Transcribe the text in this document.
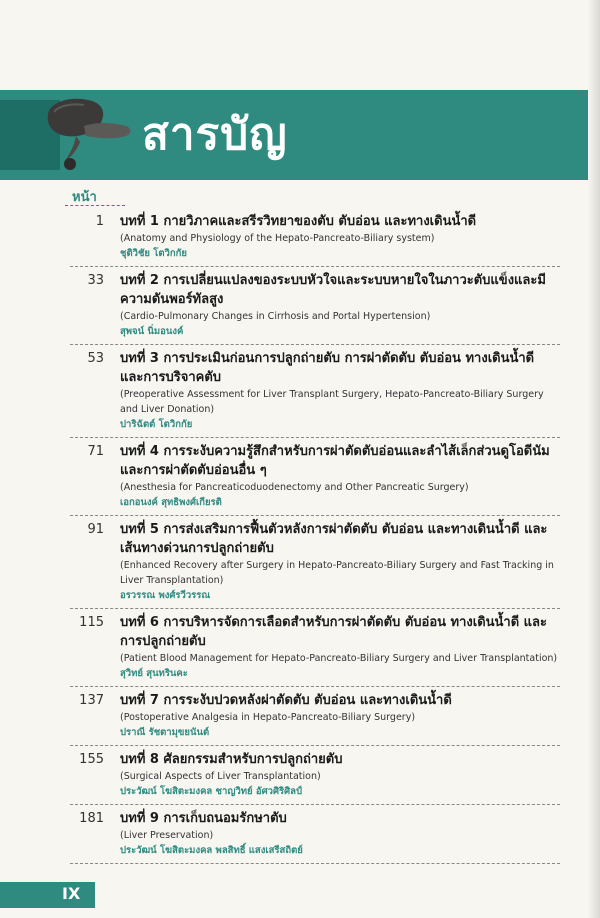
สารบัญ
หน้า
1	บทที่ 1 กายวิภาคและสรีรวิทยาของตับ ตับอ่อน และทางเดินน้ำดี
(Anatomy and Physiology of the Hepato-Pancreato-Biliary system)
ชุติวิชัย โตวิกกัย
33	บทที่ 2 การเปลี่ยนแปลงของระบบหัวใจและระบบหายใจในภาวะตับแข็งและมีความดันพอร์ทัลสูง
(Cardio-Pulmonary Changes in Cirrhosis and Portal Hypertension)
สุพจน์ นิ่มอนงค์
53	บทที่ 3 การประเมินก่อนการปลูกถ่ายตับ การผ่าตัดตับ ตับอ่อน ทางเดินน้ำดี และการบริจาคตับ
(Preoperative Assessment for Liver Transplant Surgery, Hepato-Pancreato-Biliary Surgery and Liver Donation)
ปาริฉัตต์ โตวิกกัย
71	บทที่ 4 การระงับความรู้สึกสำหรับการผ่าตัดตับอ่อนและลำไส้เล็กส่วนดูโอดีนัม และการผ่าตัดตับอ่อนอื่น ๆ
(Anesthesia for Pancreaticoduodenectomy and Other Pancreatic Surgery)
เอกอนงค์ สุทธิพงศ์เกียรติ
91	บทที่ 5 การส่งเสริมการฟื้นตัวหลังการผ่าตัดตับ ตับอ่อน และทางเดินน้ำดี และเส้นทางด่วนการปลูกถ่ายตับ
(Enhanced Recovery after Surgery in Hepato-Pancreato-Biliary Surgery and Fast Tracking in Liver Transplantation)
อรวรรณ พงศ์รวีวรรณ
115	บทที่ 6 การบริหารจัดการเลือดสำหรับการผ่าตัดตับ ตับอ่อน ทางเดินน้ำดี และการปลูกถ่ายตับ
(Patient Blood Management for Hepato-Pancreato-Biliary Surgery and Liver Transplantation)
สุวิทย์ สุนทรินคะ
137	บทที่ 7 การระงับปวดหลังผ่าตัดตับ ตับอ่อน และทางเดินน้ำดี
(Postoperative Analgesia in Hepato-Pancreato-Biliary Surgery)
ปราณี รัชตามุขยนันต์
155	บทที่ 8 ศัลยกรรมสำหรับการปลูกถ่ายตับ
(Surgical Aspects of Liver Transplantation)
ประวัฒน์ โฆสิตะมงคล ชาญวิทย์ อัศวศิริศิลป์
181	บทที่ 9 การเก็บถนอมรักษาตับ
(Liver Preservation)
ประวัฒน์ โฆสิตะมงคล พลสิทธิ์ แสงเสรีสถิตย์
IX
